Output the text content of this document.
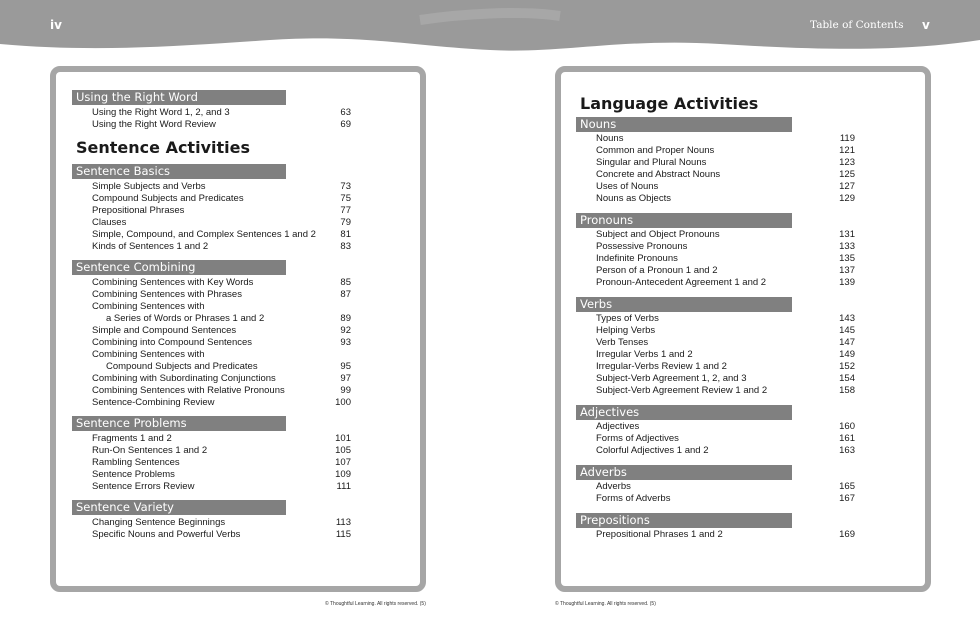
iv	Table of Contents v
Using the Right Word
Using the Right Word 1, 2, and 3	63
Using the Right Word Review	69
Sentence Activities
Sentence Basics
Simple Subjects and Verbs	73
Compound Subjects and Predicates	75
Prepositional Phrases	77
Clauses	79
Simple, Compound, and Complex Sentences 1 and 2	81
Kinds of Sentences 1 and 2	83
Sentence Combining
Combining Sentences with Key Words	85
Combining Sentences with Phrases	87
Combining Sentences with
a Series of Words or Phrases 1 and 2	89
Simple and Compound Sentences	92
Combining into Compound Sentences	93
Combining Sentences with
Compound Subjects and Predicates	95
Combining with Subordinating Conjunctions	97
Combining Sentences with Relative Pronouns	99
Sentence-Combining Review	100
Sentence Problems
Fragments 1 and 2	101
Run-On Sentences 1 and 2	105
Rambling Sentences	107
Sentence Problems	109
Sentence Errors Review	111
Sentence Variety
Changing Sentence Beginnings	113
Specific Nouns and Powerful Verbs	115
Language Activities
Nouns
Nouns	119
Common and Proper Nouns	121
Singular and Plural Nouns	123
Concrete and Abstract Nouns	125
Uses of Nouns	127
Nouns as Objects	129
Pronouns
Subject and Object Pronouns	131
Possessive Pronouns	133
Indefinite Pronouns	135
Person of a Pronoun 1 and 2	137
Pronoun-Antecedent Agreement 1 and 2	139
Verbs
Types of Verbs	143
Helping Verbs	145
Verb Tenses	147
Irregular Verbs 1 and 2	149
Irregular-Verbs Review 1 and 2	152
Subject-Verb Agreement 1, 2, and 3	154
Subject-Verb Agreement Review 1 and 2	158
Adjectives
Adjectives	160
Forms of Adjectives	161
Colorful Adjectives 1 and 2	163
Adverbs
Adverbs	165
Forms of Adverbs	167
Prepositions
Prepositional Phrases 1 and 2	169
© Thoughtful Learning. All rights reserved. (5)	© Thoughtful Learning. All rights reserved. (5)
